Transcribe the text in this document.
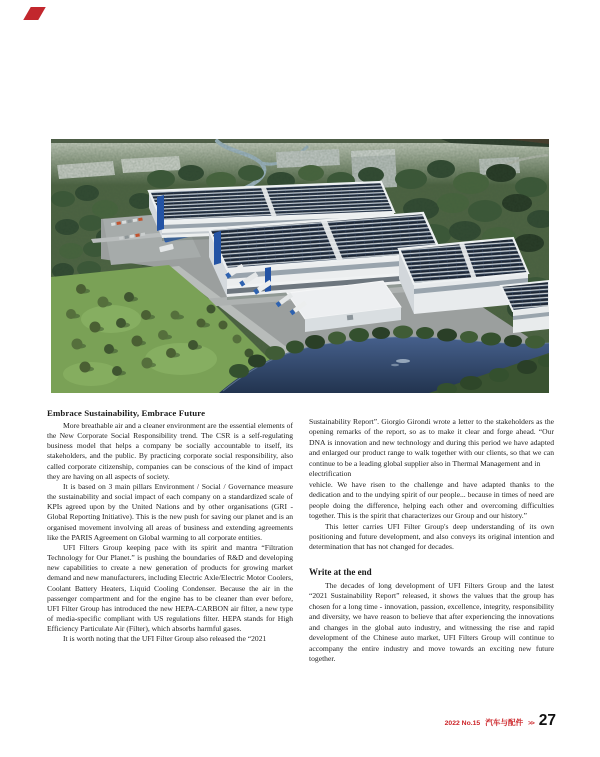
Embrace Sustainability, Embrace Future

More breathable air and a cleaner environment are the essential elements of the New Corporate Social Responsibility trend. The CSR is a self-regulating business model that helps a company be socially accountable to itself, its stakeholders, and the public. By practicing corporate social responsibility, also called corporate citizenship, companies can be conscious of the kind of impact they are having on all aspects of society.

It is based on 3 main pillars Environment / Social / Governance measure the sustainability and social impact of each company on a standardized scale of KPIs agreed upon by the United Nations and by other organisations (GRI - Global Reporting Initiative). This is the new push for saving our planet and is an organised movement involving all areas of business and extending agreements like the PARIS Agreement on Global warming to all corporate entities.

UFI Filters Group keeping pace with its spirit and mantra “Filtration Technology for Our Planet.” is pushing the boundaries of R&D and developing new capabilities to create a new generation of products for growing market demand and new manufacturers, including Electric Axle/Electric Motor Coolers, Coolant Battery Heaters, Liquid Cooling Condenser. Because the air in the passenger compartment and for the engine has to be cleaner than ever before, UFI Filter Group has introduced the new HEPA-CARBON air filter, a new type of media-specific compliant with US regulations filter. HEPA stands for High Efficiency Particulate Air (Filter), which absorbs harmful gases.

It is worth noting that the UFI Filter Group also released the “2021

Sustainability Report”. Giorgio Girondi wrote a letter to the stakeholders as the opening remarks of the report, so as to make it clear and forge ahead. “Our DNA is innovation and new technology and during this period we have adapted and enlarged our product range to walk together with our clients, so that we can continue to be a leading global supplier also in Thermal Management and in

electrification

vehicle. We have risen to the challenge and have adapted thanks to the dedication and to the undying spirit of our people... because in times of need are people doing the difference, helping each other and overcoming difficulties together. This is the spirit that characterizes our Group and our history.”

This letter carries UFI Filter Group's deep understanding of its own positioning and future development, and also conveys its original intention and determination that has not changed for decades.

Write at the end

The decades of long development of UFI Filters Group and the latest “2021 Sustainability Report” released, it shows the values that the group has chosen for a long time - innovation, passion, excellence, integrity, responsibility and diversity, we have reason to believe that after experiencing the innovations and changes in the global auto industry, and witnessing the rise and rapid development of the Chinese auto market, UFI Filters Group will continue to accompany the entire industry and move towards an exciting new future together.

2022 No.15 汽车与配件 >> 27
